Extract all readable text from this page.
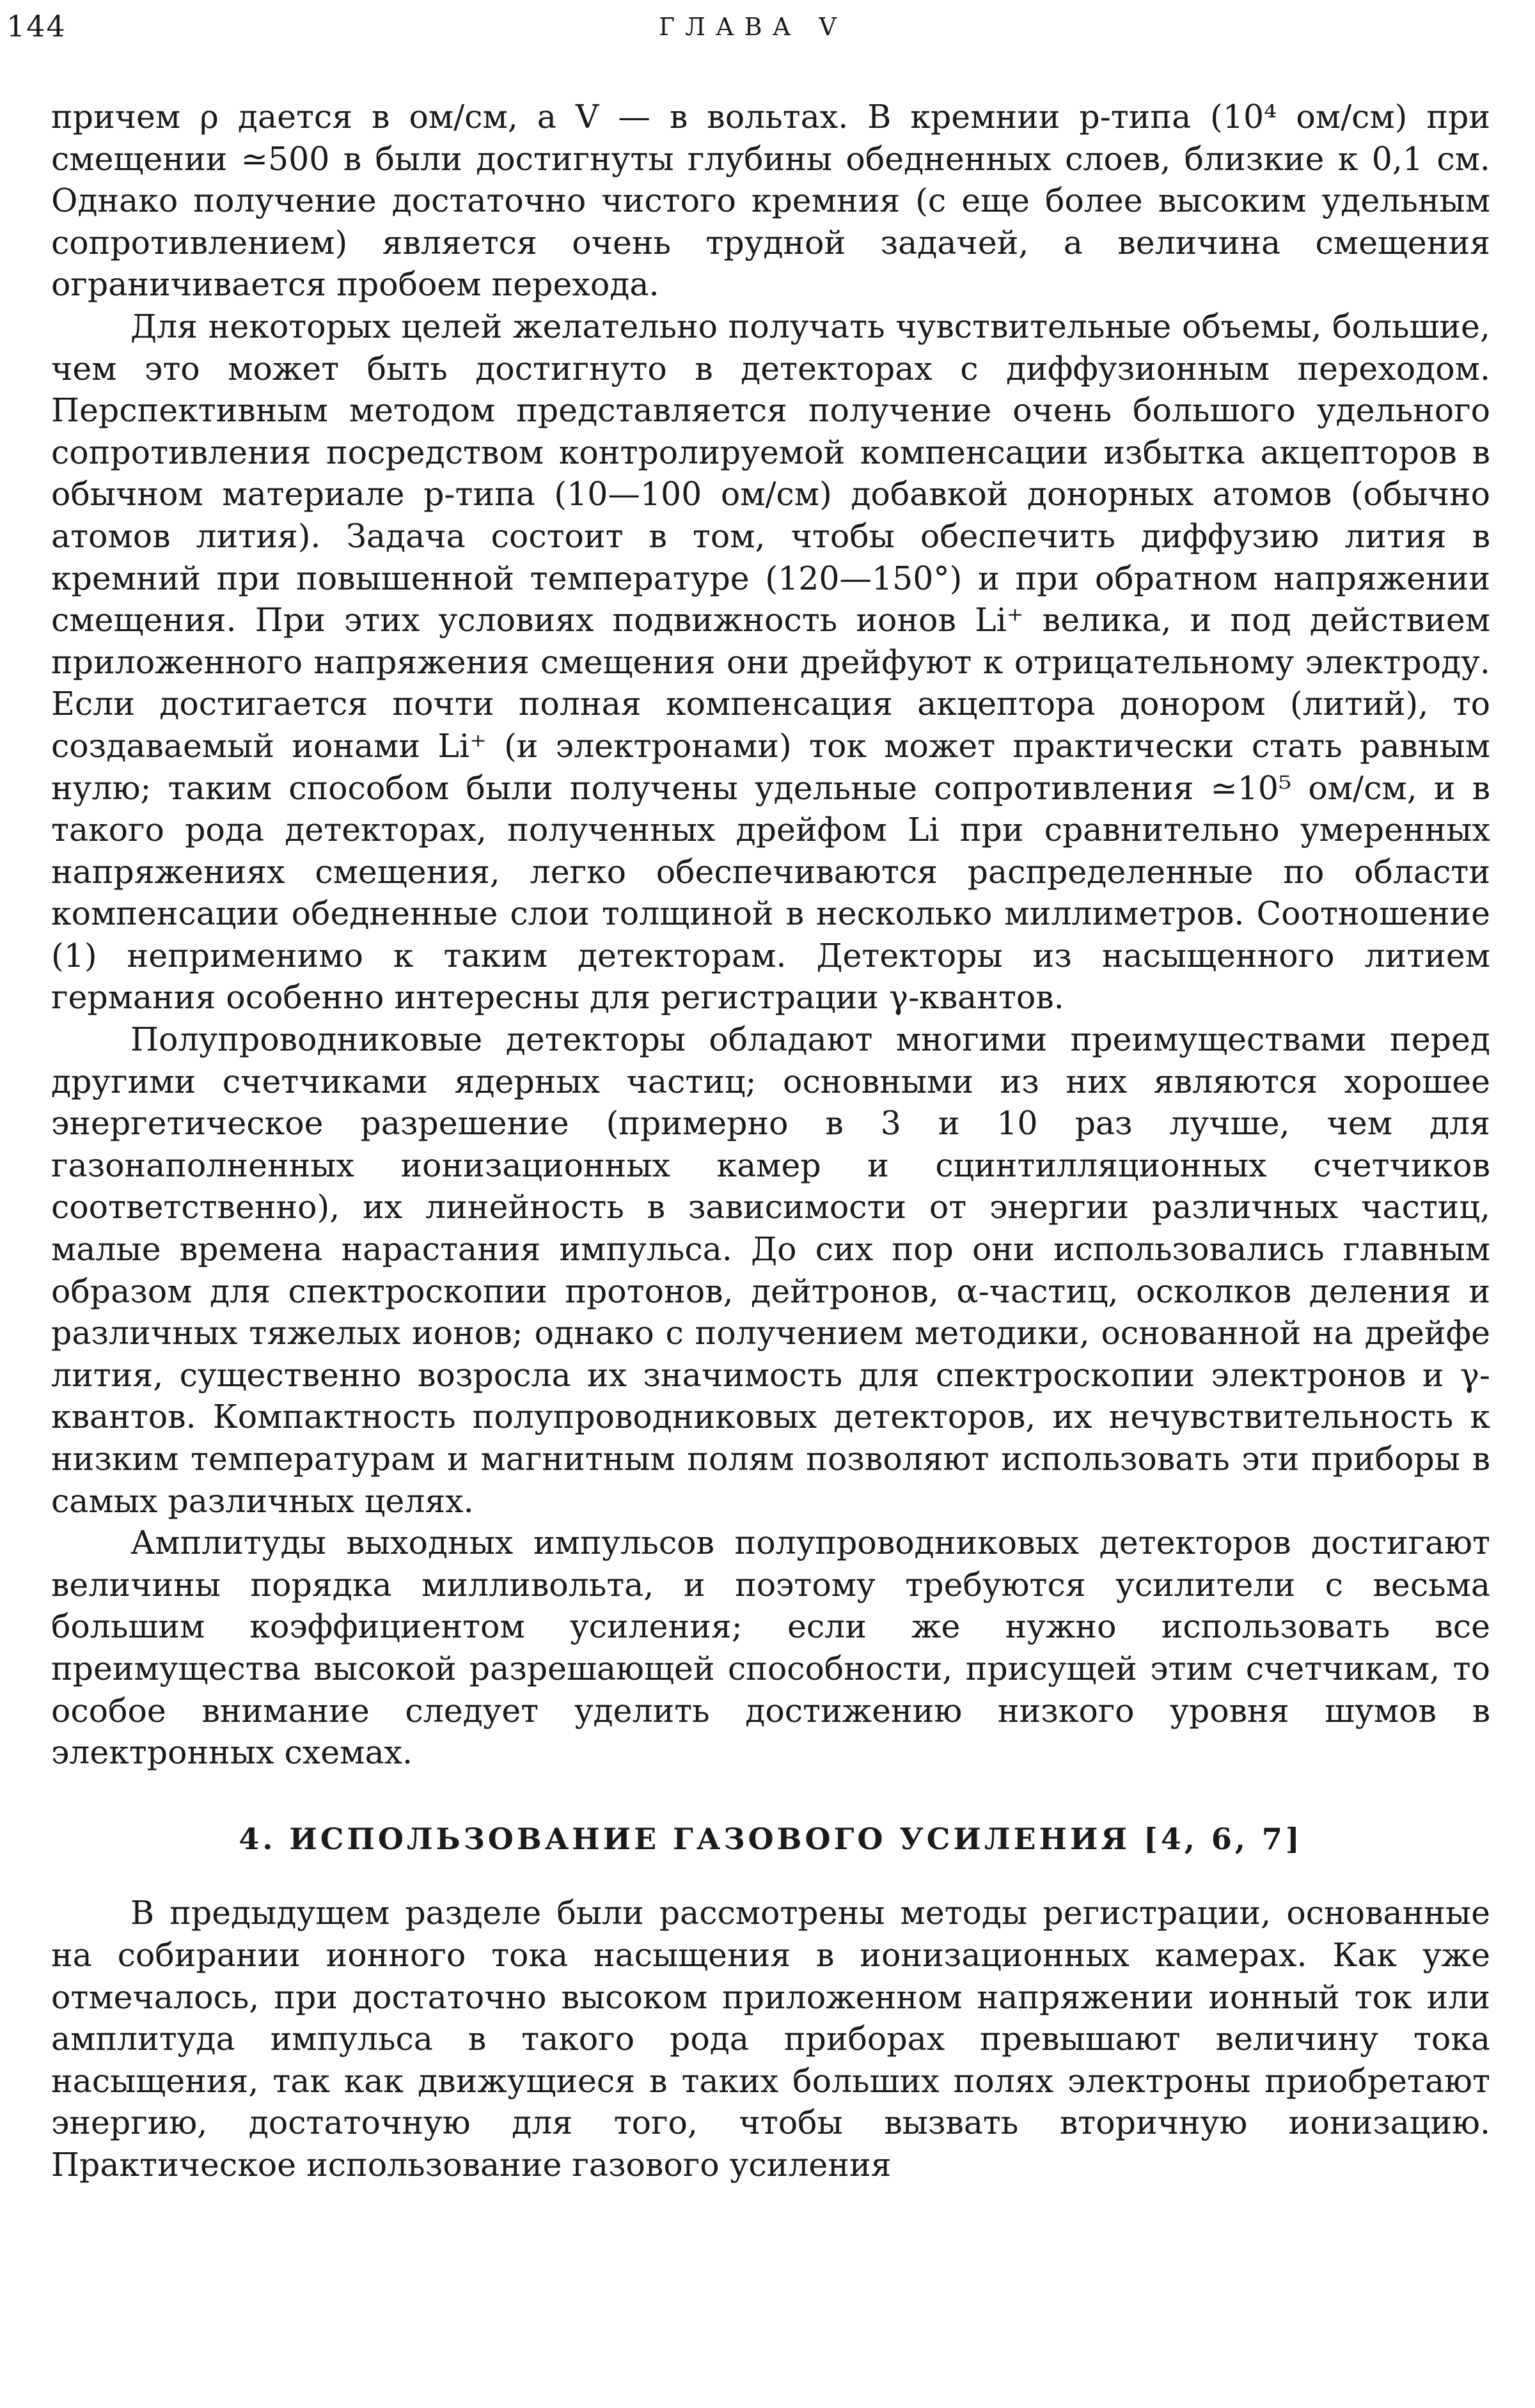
144	ГЛАВА V

причем ρ дается в ом/см, а V — в вольтах. В кремнии p-типа (10⁴ ом/см) при смещении ≃500 в были достигнуты глубины обедненных слоев, близкие к 0,1 см. Однако получение достаточно чистого кремния (с еще более высоким удельным сопротивлением) является очень трудной задачей, а величина смещения ограничивается пробоем перехода.

Для некоторых целей желательно получать чувствительные объемы, большие, чем это может быть достигнуто в детекторах с диффузионным переходом. Перспективным методом представляется получение очень большого удельного сопротивления посредством контролируемой компенсации избытка акцепторов в обычном материале p-типа (10—100 ом/см) добавкой донорных атомов (обычно атомов лития). Задача состоит в том, чтобы обеспечить диффузию лития в кремний при повышенной температуре (120—150°) и при обратном напряжении смещения. При этих условиях подвижность ионов Li⁺ велика, и под действием приложенного напряжения смещения они дрейфуют к отрицательному электроду. Если достигается почти полная компенсация акцептора донором (литий), то создаваемый ионами Li⁺ (и электронами) ток может практически стать равным нулю; таким способом были получены удельные сопротивления ≃10⁵ ом/см, и в такого рода детекторах, полученных дрейфом Li при сравнительно умеренных напряжениях смещения, легко обеспечиваются распределенные по области компенсации обедненные слои толщиной в несколько миллиметров. Соотношение (1) неприменимо к таким детекторам. Детекторы из насыщенного литием германия особенно интересны для регистрации γ-квантов.

Полупроводниковые детекторы обладают многими преимуществами перед другими счетчиками ядерных частиц; основными из них являются хорошее энергетическое разрешение (примерно в 3 и 10 раз лучше, чем для газонаполненных ионизационных камер и сцинтилляционных счетчиков соответственно), их линейность в зависимости от энергии различных частиц, малые времена нарастания импульса. До сих пор они использовались главным образом для спектроскопии протонов, дейтронов, α-частиц, осколков деления и различных тяжелых ионов; однако с получением методики, основанной на дрейфе лития, существенно возросла их значимость для спектроскопии электронов и γ-квантов. Компактность полупроводниковых детекторов, их нечувствительность к низким температурам и магнитным полям позволяют использовать эти приборы в самых различных целях.

Амплитуды выходных импульсов полупроводниковых детекторов достигают величины порядка милливольта, и поэтому требуются усилители с весьма большим коэффициентом усиления; если же нужно использовать все преимущества высокой разрешающей способности, присущей этим счетчикам, то особое внимание следует уделить достижению низкого уровня шумов в электронных схемах.

4. ИСПОЛЬЗОВАНИЕ ГАЗОВОГО УСИЛЕНИЯ [4, 6, 7]

В предыдущем разделе были рассмотрены методы регистрации, основанные на собирании ионного тока насыщения в ионизационных камерах. Как уже отмечалось, при достаточно высоком приложенном напряжении ионный ток или амплитуда импульса в такого рода приборах превышают величину тока насыщения, так как движущиеся в таких больших полях электроны приобретают энергию, достаточную для того, чтобы вызвать вторичную ионизацию. Практическое использование газового усиления
